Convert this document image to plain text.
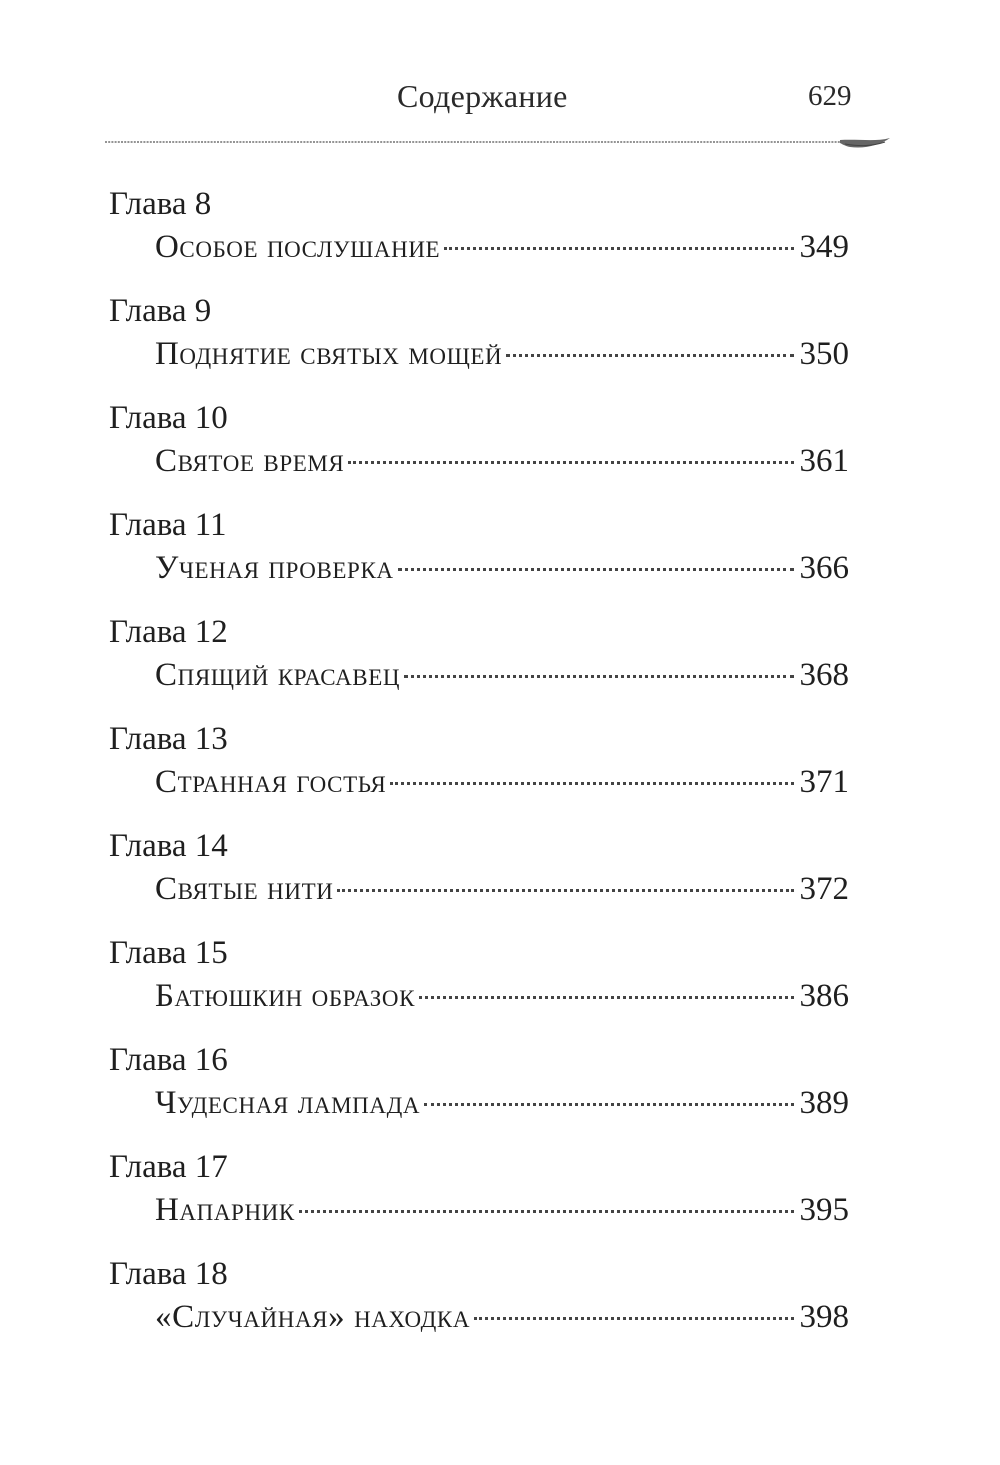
Содержание	629
Глава 8
Особое послушание	349
Глава 9
Поднятие святых мощей	350
Глава 10
Святое время	361
Глава 11
Ученая проверка	366
Глава 12
Спящий красавец	368
Глава 13
Странная гостья	371
Глава 14
Святые нити	372
Глава 15
Батюшкин образок	386
Глава 16
Чудесная лампада	389
Глава 17
Напарник	395
Глава 18
«Случайная» находка	398
